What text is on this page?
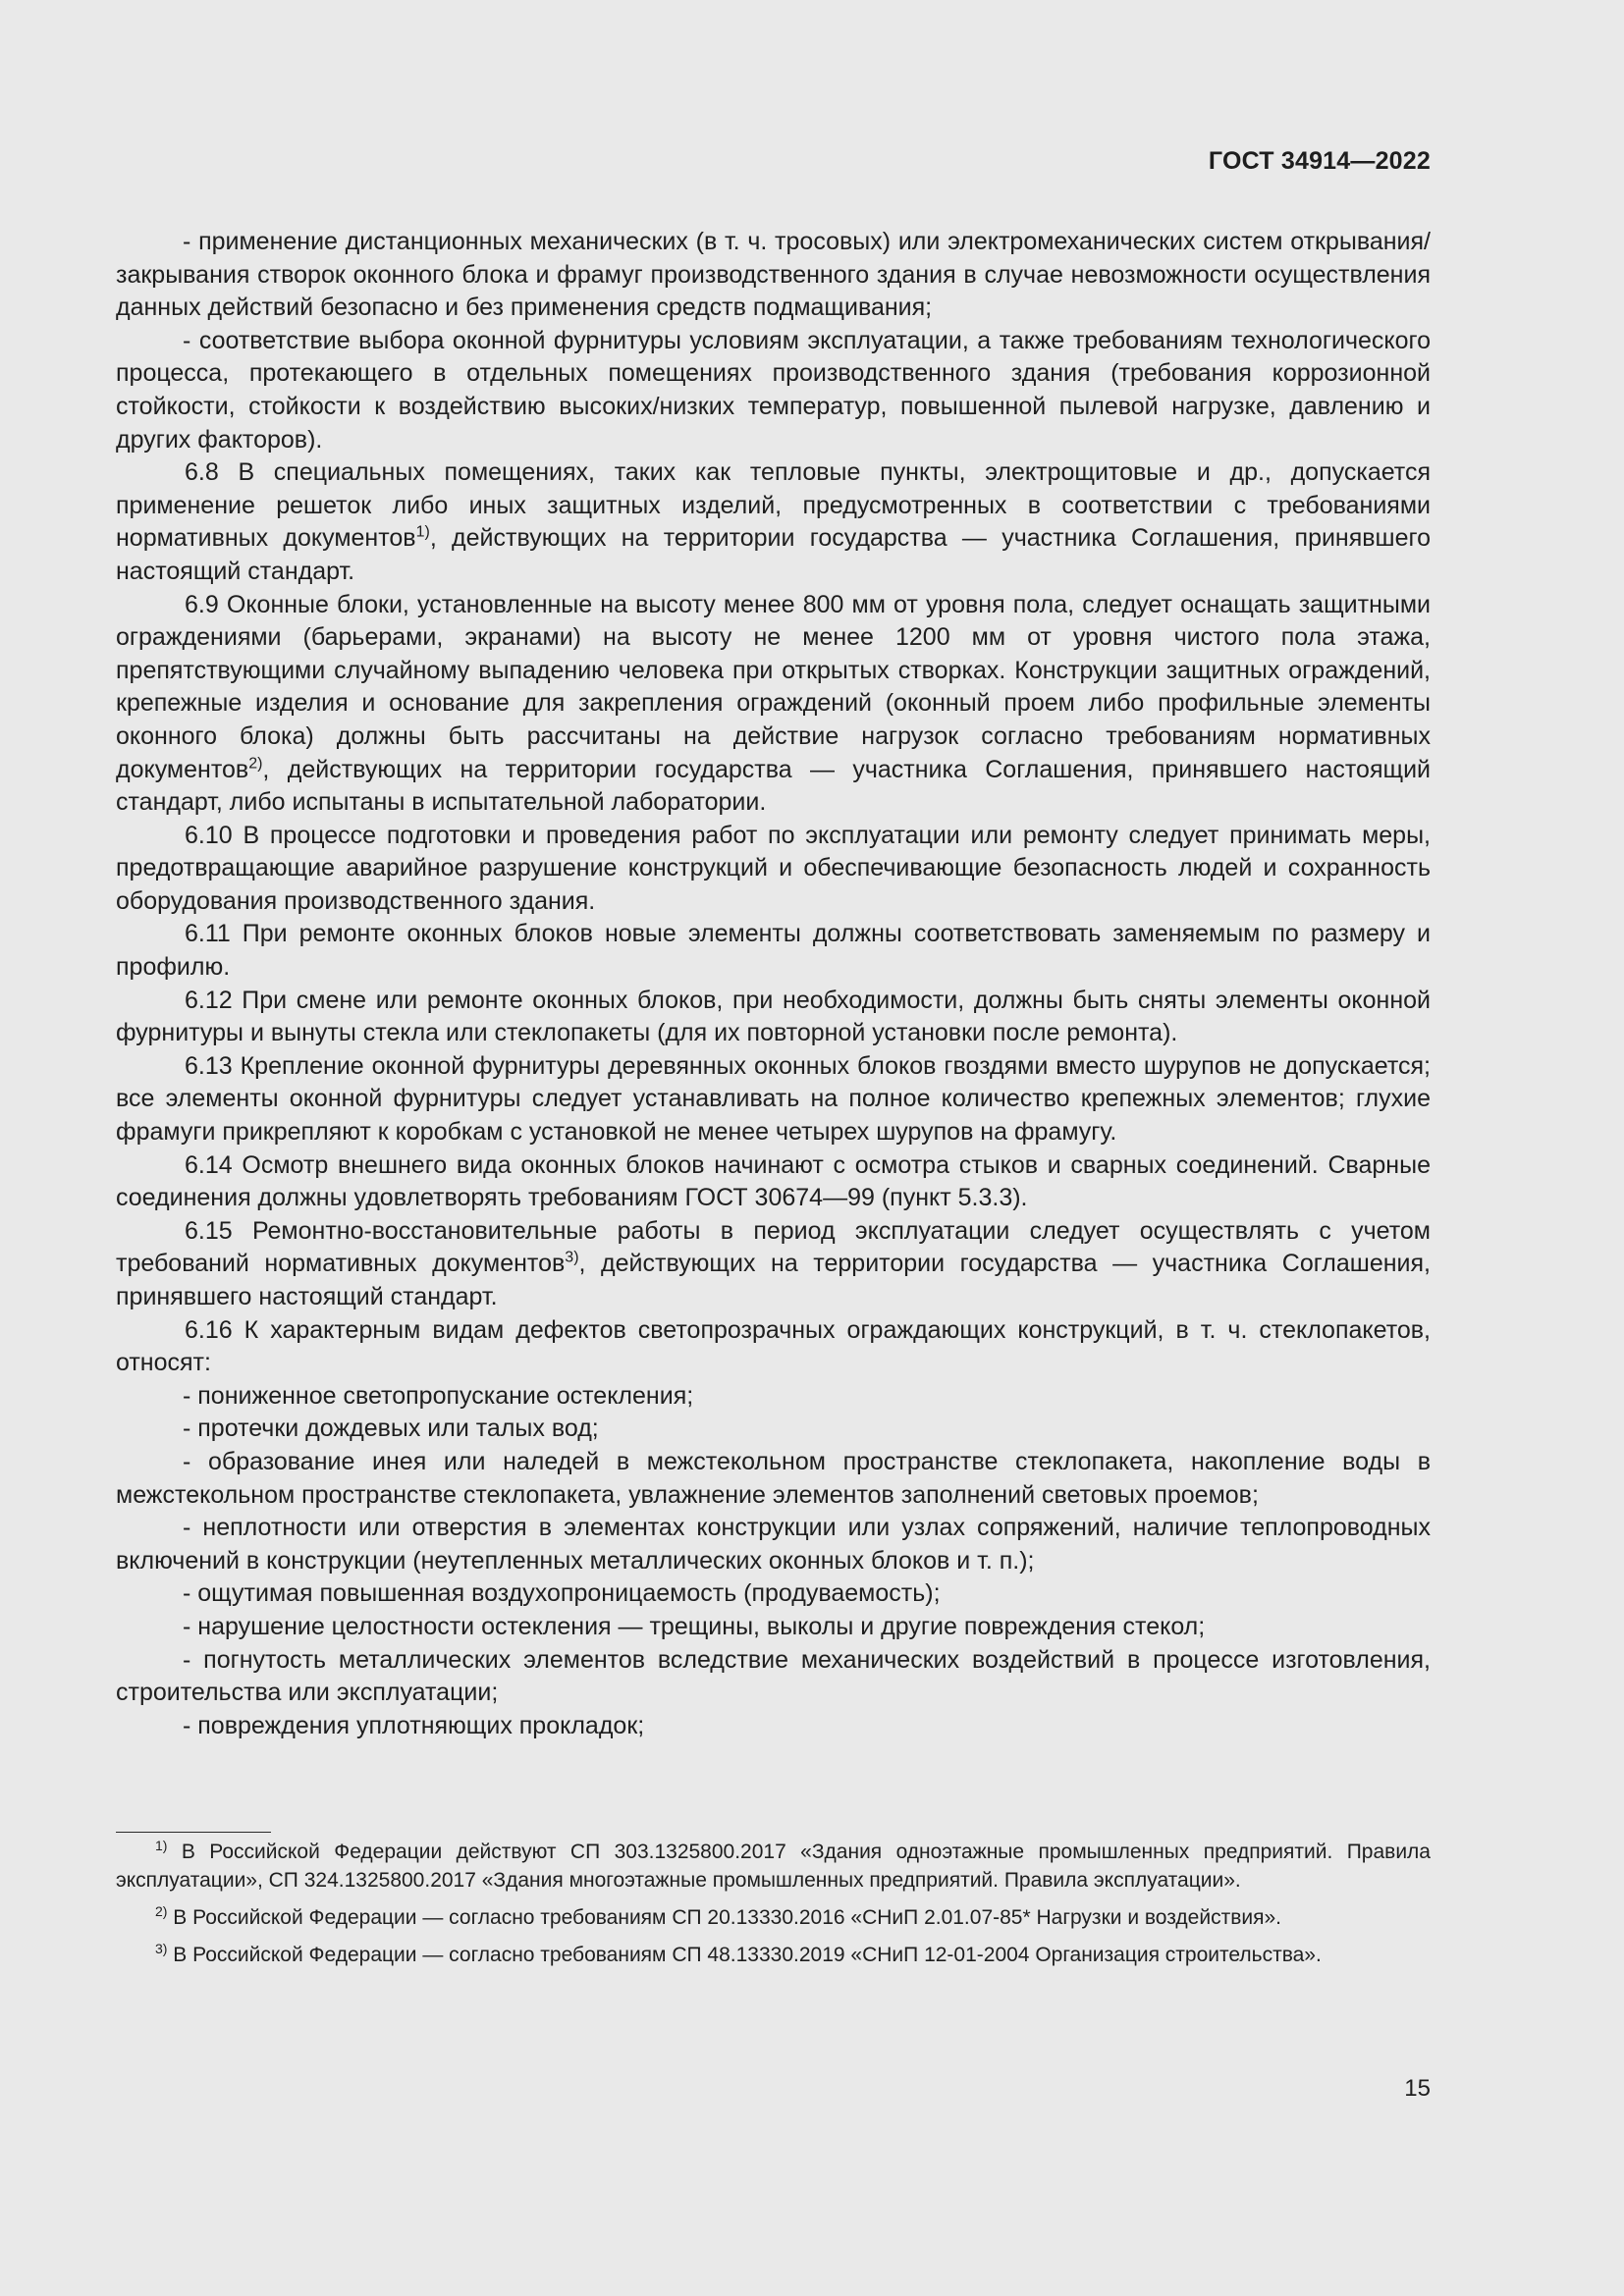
ГОСТ 34914—2022

- применение дистанционных механических (в т. ч. тросовых) или электромеханических систем открывания/закрывания створок оконного блока и фрамуг производственного здания в случае невозможности осуществления данных действий безопасно и без применения средств подмащивания;

- соответствие выбора оконной фурнитуры условиям эксплуатации, а также требованиям технологического процесса, протекающего в отдельных помещениях производственного здания (требования коррозионной стойкости, стойкости к воздействию высоких/низких температур, повышенной пылевой нагрузке, давлению и других факторов).

6.8 В специальных помещениях, таких как тепловые пункты, электрощитовые и др., допускается применение решеток либо иных защитных изделий, предусмотренных в соответствии с требованиями нормативных документов$^{1)}$, действующих на территории государства — участника Соглашения, принявшего настоящий стандарт.

6.9 Оконные блоки, установленные на высоту менее 800 мм от уровня пола, следует оснащать защитными ограждениями (барьерами, экранами) на высоту не менее 1200 мм от уровня чистого пола этажа, препятствующими случайному выпадению человека при открытых створках. Конструкции защитных ограждений, крепежные изделия и основание для закрепления ограждений (оконный проем либо профильные элементы оконного блока) должны быть рассчитаны на действие нагрузок согласно требованиям нормативных документов$^{2)}$, действующих на территории государства — участника Соглашения, принявшего настоящий стандарт, либо испытаны в испытательной лаборатории.

6.10 В процессе подготовки и проведения работ по эксплуатации или ремонту следует принимать меры, предотвращающие аварийное разрушение конструкций и обеспечивающие безопасность людей и сохранность оборудования производственного здания.

6.11 При ремонте оконных блоков новые элементы должны соответствовать заменяемым по размеру и профилю.

6.12 При смене или ремонте оконных блоков, при необходимости, должны быть сняты элементы оконной фурнитуры и вынуты стекла или стеклопакеты (для их повторной установки после ремонта).

6.13 Крепление оконной фурнитуры деревянных оконных блоков гвоздями вместо шурупов не допускается; все элементы оконной фурнитуры следует устанавливать на полное количество крепежных элементов; глухие фрамуги прикрепляют к коробкам с установкой не менее четырех шурупов на фрамугу.

6.14 Осмотр внешнего вида оконных блоков начинают с осмотра стыков и сварных соединений. Сварные соединения должны удовлетворять требованиям ГОСТ 30674—99 (пункт 5.3.3).

6.15 Ремонтно-восстановительные работы в период эксплуатации следует осуществлять с учетом требований нормативных документов$^{3)}$, действующих на территории государства — участника Соглашения, принявшего настоящий стандарт.

6.16 К характерным видам дефектов светопрозрачных ограждающих конструкций, в т. ч. стеклопакетов, относят:

- пониженное светопропускание остекления;

- протечки дождевых или талых вод;

- образование инея или наледей в межстекольном пространстве стеклопакета, накопление воды в межстекольном пространстве стеклопакета, увлажнение элементов заполнений световых проемов;

- неплотности или отверстия в элементах конструкции или узлах сопряжений, наличие теплопроводных включений в конструкции (неутепленных металлических оконных блоков и т. п.);

- ощутимая повышенная воздухопроницаемость (продуваемость);

- нарушение целостности остекления — трещины, выколы и другие повреждения стекол;

- погнутость металлических элементов вследствие механических воздействий в процессе изготовления, строительства или эксплуатации;

- повреждения уплотняющих прокладок;

$^{1)}$ В Российской Федерации действуют СП 303.1325800.2017 «Здания одноэтажные промышленных предприятий. Правила эксплуатации», СП 324.1325800.2017 «Здания многоэтажные промышленных предприятий. Правила эксплуатации».

$^{2)}$ В Российской Федерации — согласно требованиям СП 20.13330.2016 «СНиП 2.01.07-85* Нагрузки и воздействия».

$^{3)}$ В Российской Федерации — согласно требованиям СП 48.13330.2019 «СНиП 12-01-2004 Организация строительства».

15
